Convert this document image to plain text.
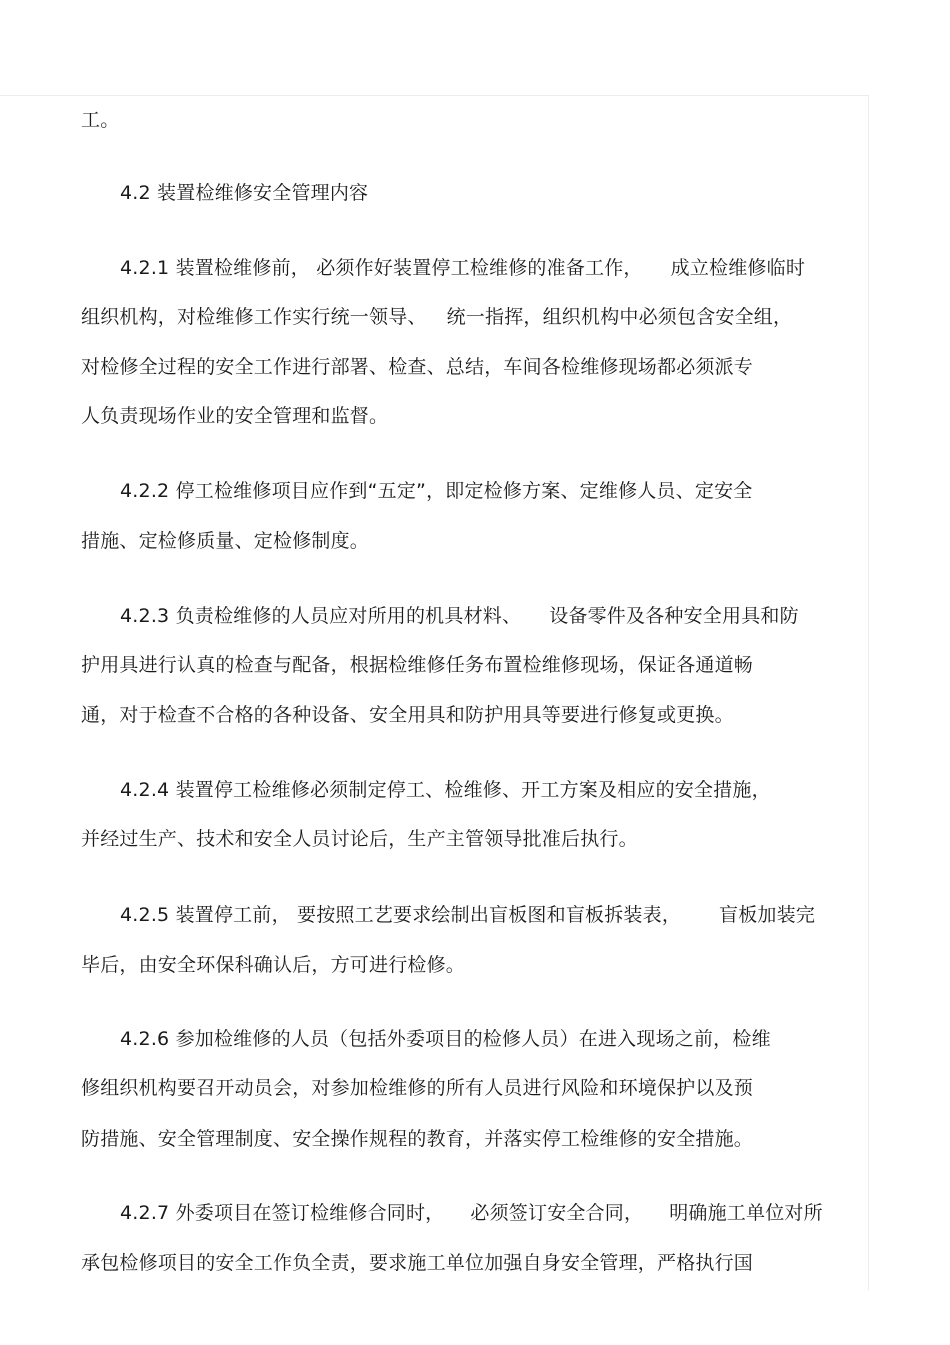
工。
4.2 装置检维修安全管理内容
4.2.1 装置检维修前， 必须作好装置停工检维修的准备工作， 成立检维修临时
组织机构，对检维修工作实行统一领导、 统一指挥，组织机构中必须包含安全组，
对检修全过程的安全工作进行部署、检查、总结，车间各检维修现场都必须派专
人负责现场作业的安全管理和监督。
4.2.2 停工检维修项目应作到“五定”，即定检修方案、定维修人员、定安全
措施、定检修质量、定检修制度。
4.2.3 负责检维修的人员应对所用的机具材料、 设备零件及各种安全用具和防
护用具进行认真的检查与配备，根据检维修任务布置检维修现场，保证各通道畅
通，对于检查不合格的各种设备、安全用具和防护用具等要进行修复或更换。
4.2.4 装置停工检维修必须制定停工、检维修、开工方案及相应的安全措施，
并经过生产、技术和安全人员讨论后，生产主管领导批准后执行。
4.2.5 装置停工前， 要按照工艺要求绘制出盲板图和盲板拆装表， 盲板加装完
毕后，由安全环保科确认后，方可进行检修。
4.2.6 参加检维修的人员（包括外委项目的检修人员）在进入现场之前，检维
修组织机构要召开动员会，对参加检维修的所有人员进行风险和环境保护以及预
防措施、安全管理制度、安全操作规程的教育，并落实停工检维修的安全措施。
4.2.7 外委项目在签订检维修合同时， 必须签订安全合同， 明确施工单位对所
承包检修项目的安全工作负全责，要求施工单位加强自身安全管理，严格执行国
